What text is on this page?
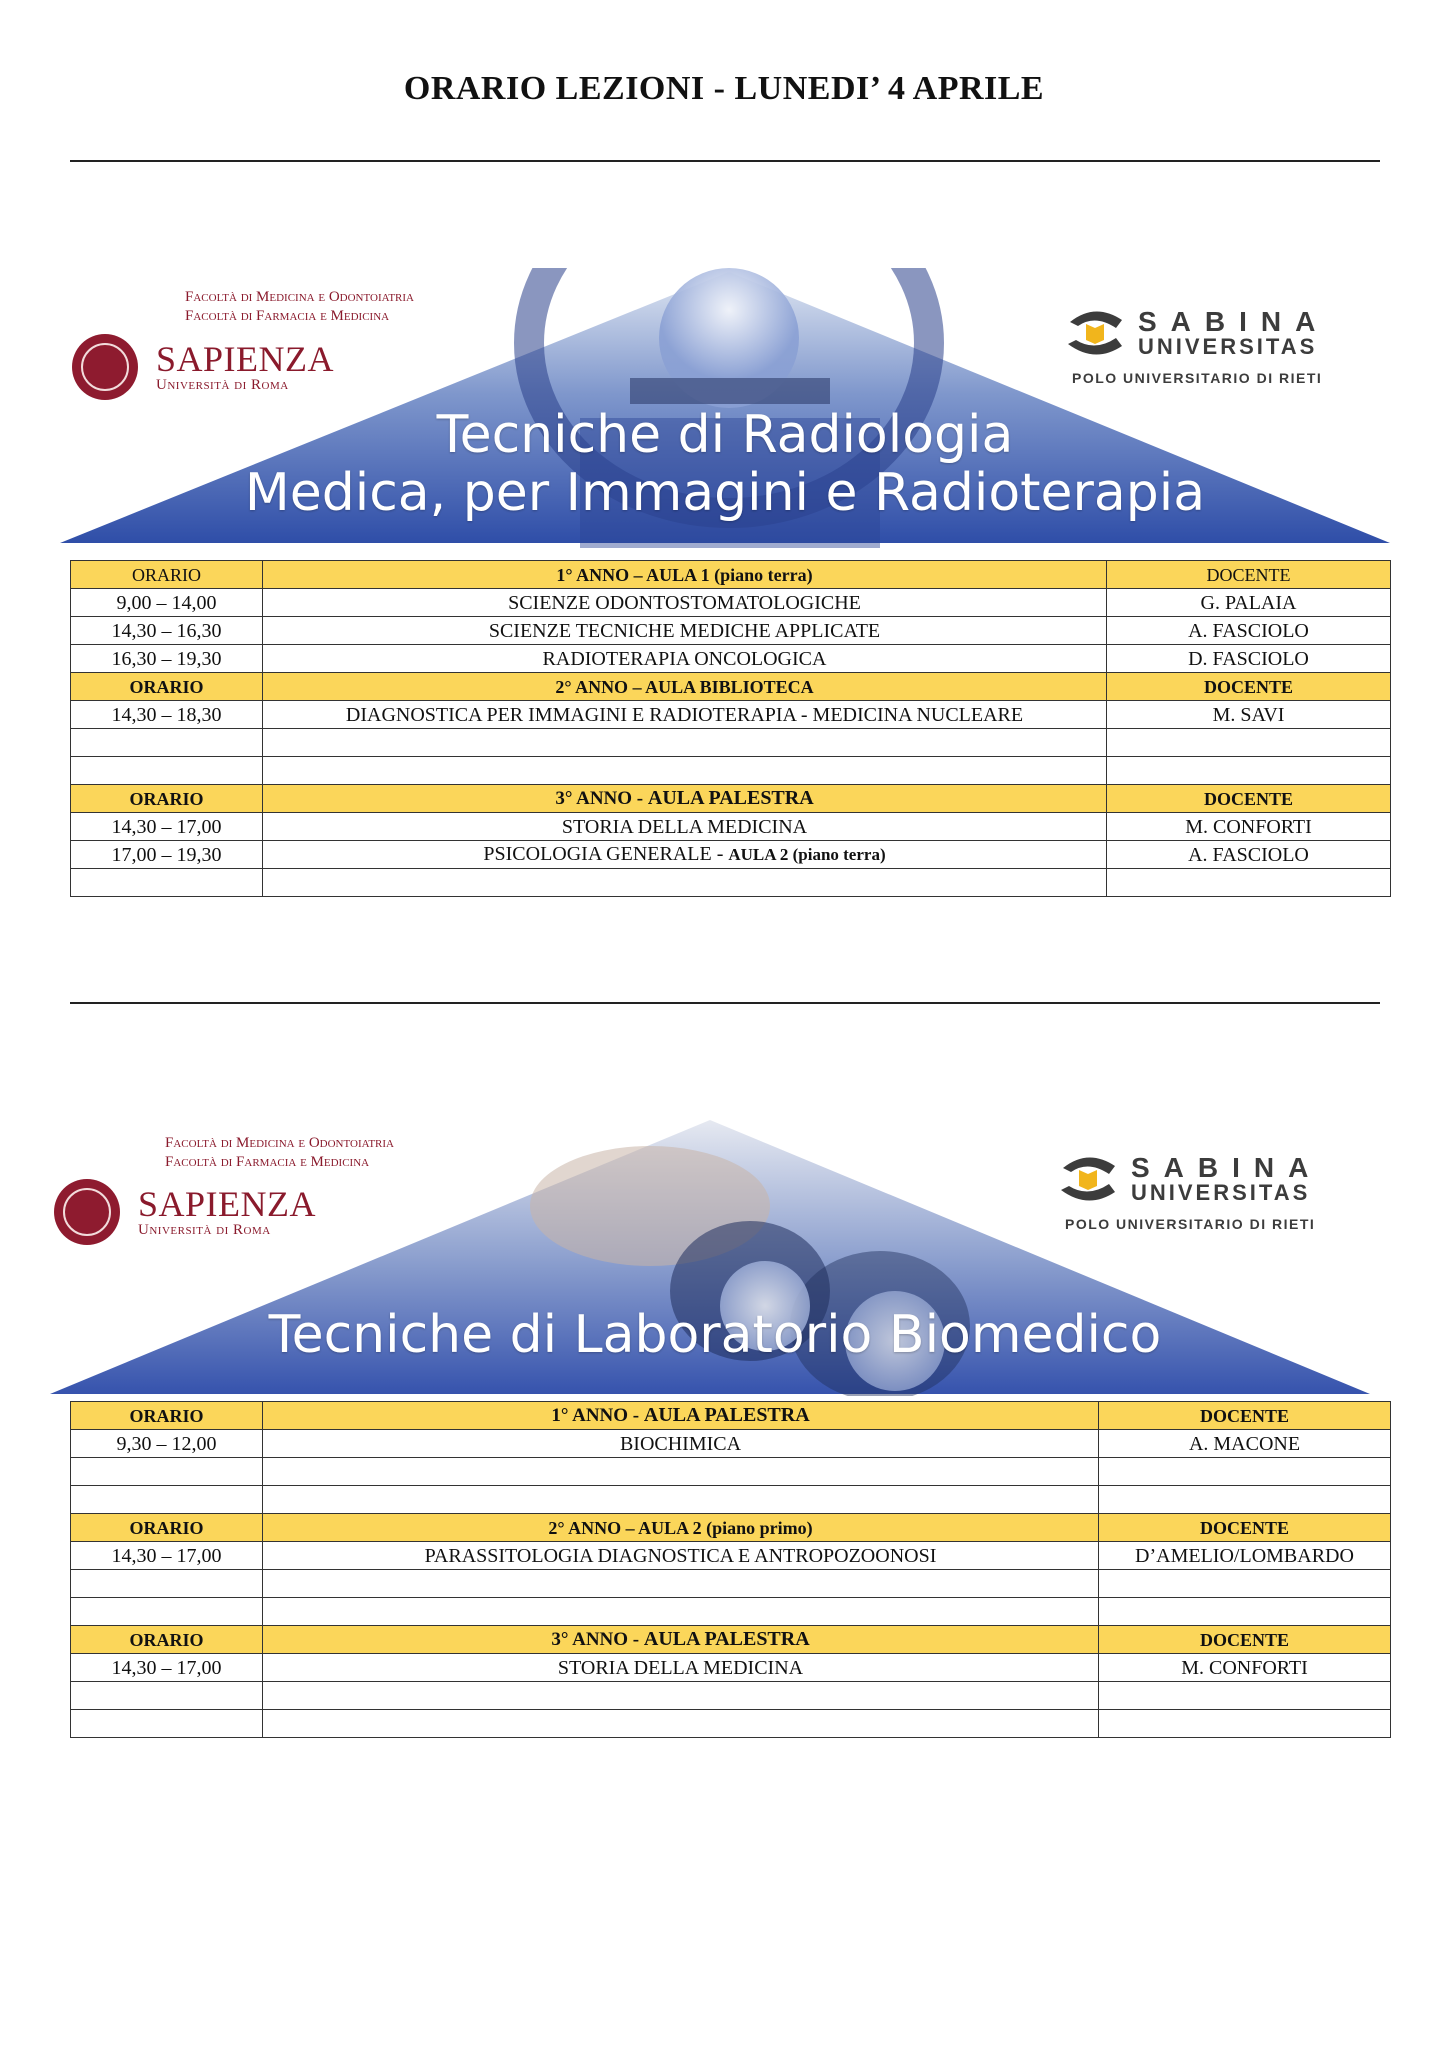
ORARIO LEZIONI - LUNEDI’ 4 APRILE
Facoltà di Medicina e Odontoiatria
Facoltà di Farmacia e Medicina
SAPIENZA
Università di Roma
SABINA
UNIVERSITAS
POLO UNIVERSITARIO DI RIETI
Tecniche di Radiologia
Medica, per Immagini e Radioterapia
ORARIO	1° ANNO – AULA 1 (piano terra)	DOCENTE
9,00 – 14,00	SCIENZE ODONTOSTOMATOLOGICHE	G. PALAIA
14,30 – 16,30	SCIENZE TECNICHE MEDICHE APPLICATE	A. FASCIOLO
16,30 – 19,30	RADIOTERAPIA ONCOLOGICA	D. FASCIOLO
ORARIO	2° ANNO – AULA BIBLIOTECA	DOCENTE
14,30 – 18,30	DIAGNOSTICA PER IMMAGINI E RADIOTERAPIA - MEDICINA NUCLEARE	M. SAVI

ORARIO	3° ANNO - AULA PALESTRA	DOCENTE
14,30 – 17,00	STORIA DELLA MEDICINA	M. CONFORTI
17,00 – 19,30	PSICOLOGIA GENERALE - AULA 2 (piano terra)	A. FASCIOLO

Facoltà di Medicina e Odontoiatria
Facoltà di Farmacia e Medicina
SAPIENZA
Università di Roma
SABINA
UNIVERSITAS
POLO UNIVERSITARIO DI RIETI
Tecniche di Laboratorio Biomedico
ORARIO	1° ANNO - AULA PALESTRA	DOCENTE
9,30 – 12,00	BIOCHIMICA	A. MACONE

ORARIO	2° ANNO – AULA 2 (piano primo)	DOCENTE
14,30 – 17,00	PARASSITOLOGIA DIAGNOSTICA E ANTROPOZOONOSI	D’AMELIO/LOMBARDO

ORARIO	3° ANNO - AULA PALESTRA	DOCENTE
14,30 – 17,00	STORIA DELLA MEDICINA	M. CONFORTI
